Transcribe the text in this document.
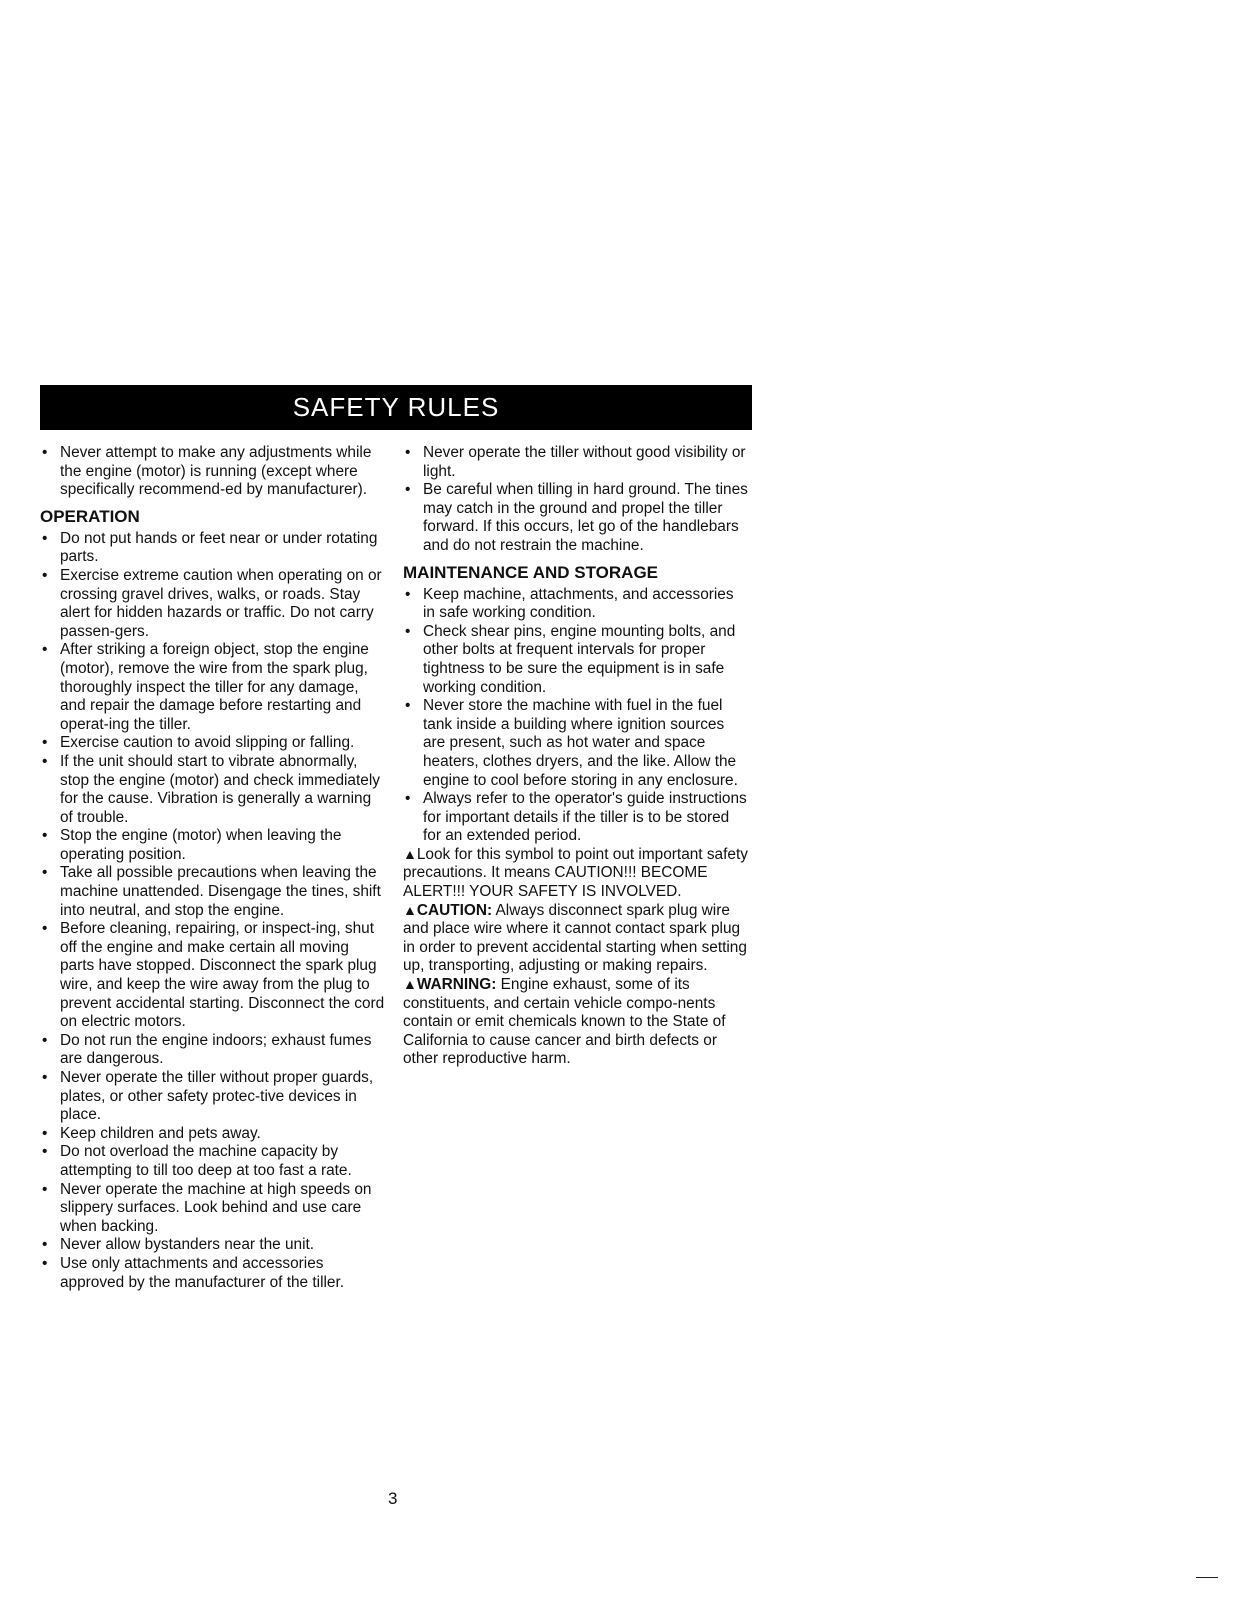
SAFETY RULES
• Never attempt to make any adjustments while the engine (motor) is running (except where specifically recommend-ed by manufacturer).
OPERATION
• Do not put hands or feet near or under rotating parts.
• Exercise extreme caution when operating on or crossing gravel drives, walks, or roads. Stay alert for hidden hazards or traffic. Do not carry passen-gers.
• After striking a foreign object, stop the engine (motor), remove the wire from the spark plug, thoroughly inspect the tiller for any damage, and repair the damage before restarting and operat-ing the tiller.
• Exercise caution to avoid slipping or falling.
• If the unit should start to vibrate abnormally, stop the engine (motor) and check immediately for the cause. Vibration is generally a warning of trouble.
• Stop the engine (motor) when leaving the operating position.
• Take all possible precautions when leaving the machine unattended. Disengage the tines, shift into neutral, and stop the engine.
• Before cleaning, repairing, or inspect-ing, shut off the engine and make certain all moving parts have stopped. Disconnect the spark plug wire, and keep the wire away from the plug to prevent accidental starting. Disconnect the cord on electric motors.
• Do not run the engine indoors; exhaust fumes are dangerous.
• Never operate the tiller without proper guards, plates, or other safety protec-tive devices in place.
• Keep children and pets away.
• Do not overload the machine capacity by attempting to till too deep at too fast a rate.
• Never operate the machine at high speeds on slippery surfaces. Look behind and use care when backing.
• Never allow bystanders near the unit.
• Use only attachments and accessories approved by the manufacturer of the tiller.
• Never operate the tiller without good visibility or light.
• Be careful when tilling in hard ground. The tines may catch in the ground and propel the tiller forward. If this occurs, let go of the handlebars and do not restrain the machine.
MAINTENANCE AND STORAGE
• Keep machine, attachments, and accessories in safe working condition.
• Check shear pins, engine mounting bolts, and other bolts at frequent intervals for proper tightness to be sure the equipment is in safe working condition.
• Never store the machine with fuel in the fuel tank inside a building where ignition sources are present, such as hot water and space heaters, clothes dryers, and the like. Allow the engine to cool before storing in any enclosure.
• Always refer to the operator's guide instructions for important details if the tiller is to be stored for an extended period.

▲Look for this symbol to point out important safety precautions. It means CAUTION!!! BECOME ALERT!!! YOUR SAFETY IS INVOLVED.

▲CAUTION: Always disconnect spark plug wire and place wire where it cannot contact spark plug in order to prevent accidental starting when setting up, transporting, adjusting or making repairs.

▲WARNING: Engine exhaust, some of its constituents, and certain vehicle compo-nents contain or emit chemicals known to the State of California to cause cancer and birth defects or other reproductive harm.

3
